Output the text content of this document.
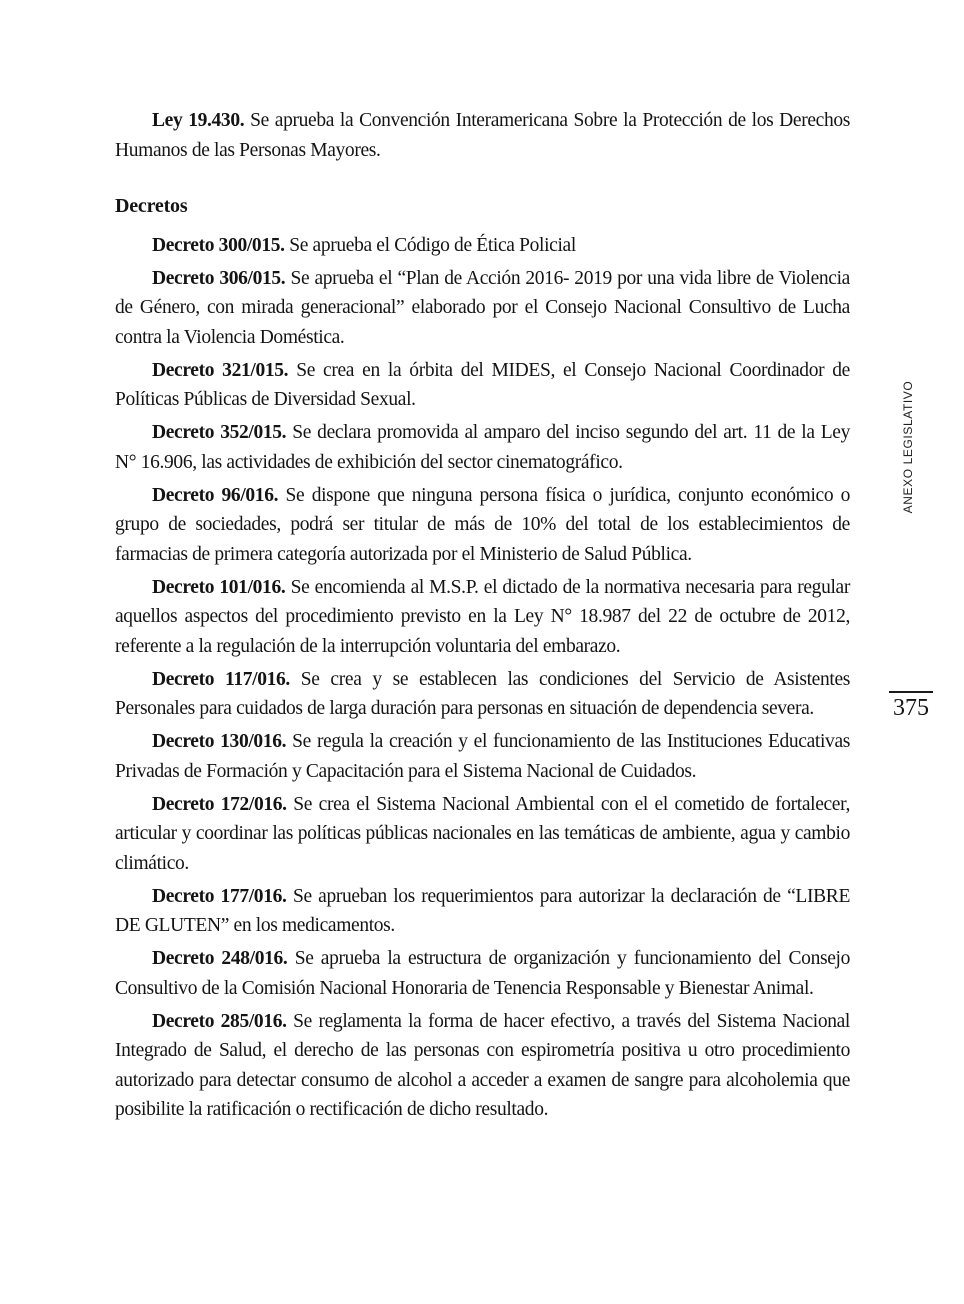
Ley 19.430. Se aprueba la Convención Interamericana Sobre la Protección de los Derechos Humanos de las Personas Mayores.

Decretos

Decreto 300/015. Se aprueba el Código de Ética Policial

Decreto 306/015. Se aprueba el “Plan de Acción 2016- 2019 por una vida libre de Violencia de Género, con mirada generacional” elaborado por el Consejo Nacional Consultivo de Lucha contra la Violencia Doméstica.

Decreto 321/015. Se crea en la órbita del MIDES, el Consejo Nacional Coordinador de Políticas Públicas de Diversidad Sexual.

Decreto 352/015. Se declara promovida al amparo del inciso segundo del art. 11 de la Ley N° 16.906, las actividades de exhibición del sector cinematográfico.

Decreto 96/016. Se dispone que ninguna persona física o jurídica, conjunto económico o grupo de sociedades, podrá ser titular de más de 10% del total de los establecimientos de farmacias de primera categoría autorizada por el Ministerio de Salud Pública.

Decreto 101/016. Se encomienda al M.S.P. el dictado de la normativa necesaria para regular aquellos aspectos del procedimiento previsto en la Ley N° 18.987 del 22 de octubre de 2012, referente a la regulación de la interrupción voluntaria del embarazo.

Decreto 117/016. Se crea y se establecen las condiciones del Servicio de Asistentes Personales para cuidados de larga duración para personas en situación de dependencia severa.

Decreto 130/016. Se regula la creación y el funcionamiento de las Instituciones Educativas Privadas de Formación y Capacitación para el Sistema Nacional de Cuidados.

Decreto 172/016. Se crea el Sistema Nacional Ambiental con el el cometido de fortalecer, articular y coordinar las políticas públicas nacionales en las temáticas de ambiente, agua y cambio climático.

Decreto 177/016. Se aprueban los requerimientos para autorizar la declaración de “LIBRE DE GLUTEN” en los medicamentos.

Decreto 248/016. Se aprueba la estructura de organización y funcionamiento del Consejo Consultivo de la Comisión Nacional Honoraria de Tenencia Responsable y Bienestar Animal.

Decreto 285/016. Se reglamenta la forma de hacer efectivo, a través del Sistema Nacional Integrado de Salud, el derecho de las personas con espirometría positiva u otro procedimiento autorizado para detectar consumo de alcohol a acceder a examen de sangre para alcoholemia que posibilite la ratificación o rectificación de dicho resultado.

ANEXO LEGISLATIVO
375
